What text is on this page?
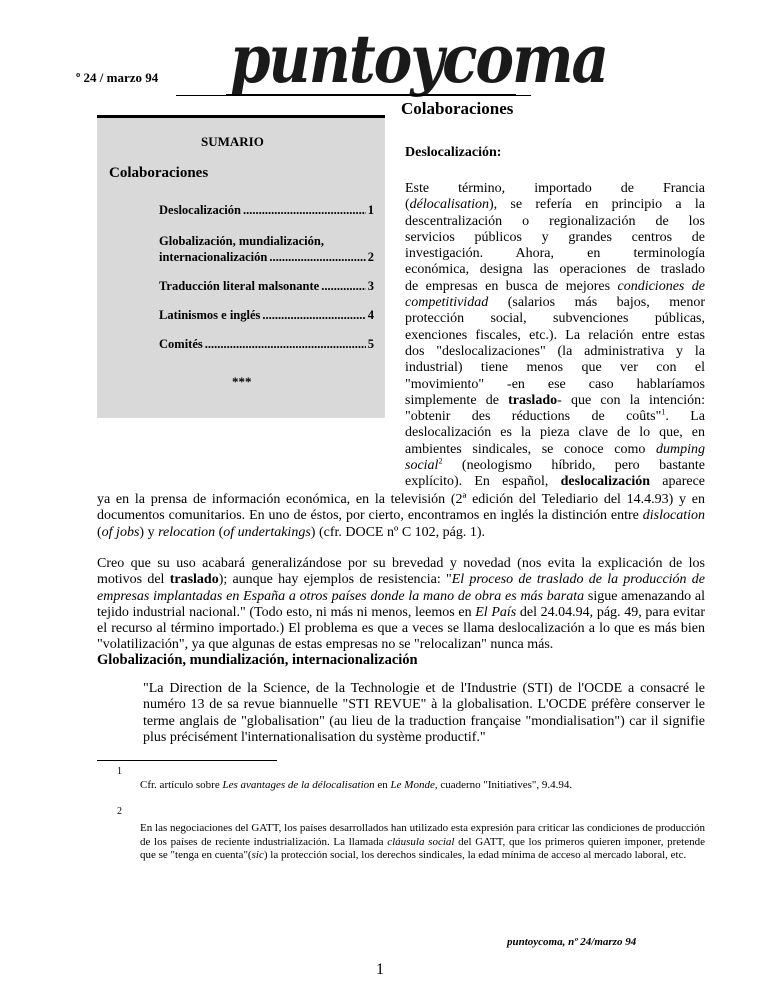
º 24 / marzo 94 puntoycoma
Colaboraciones
SUMARIO
Colaboraciones
Deslocalización .....	1
Globalización, mundialización,
internacionalización .....	2
Traducción literal malsonante .....	3
Latinismos e inglés .....	4
Comités .....	5
***
Deslocalización:
Este término, importado de Francia
(délocalisation), se refería en principio a la
descentralización o regionalización de los
servicios públicos y grandes centros de
investigación. Ahora, en terminología
económica, designa las operaciones de traslado
de empresas en busca de mejores condiciones de
competitividad (salarios más bajos, menor
protección social, subvenciones públicas,
exenciones fiscales, etc.). La relación entre estas
dos "deslocalizaciones" (la administrativa y la
industrial) tiene menos que ver con el
"movimiento" -en ese caso hablaríamos
simplemente de traslado- que con la intención:
"obtenir des réductions de coûts"$^1$. La
deslocalización es la pieza clave de lo que, en
ambientes sindicales, se conoce como dumping
social$^2$ (neologismo híbrido, pero bastante
explícito). En español, deslocalización aparece

ya en la prensa de información económica, en la televisión (2ª edición del Telediario del 14.4.93) y en documentos comunitarios. En uno de éstos, por cierto, encontramos en inglés la distinción entre dislocation (of jobs) y relocation (of undertakings) (cfr. DOCE nº C 102, pág. 1).

Creo que su uso acabará generalizándose por su brevedad y novedad (nos evita la explicación de los motivos del traslado); aunque hay ejemplos de resistencia: "El proceso de traslado de la producción de empresas implantadas en España a otros países donde la mano de obra es más barata sigue amenazando al tejido industrial nacional." (Todo esto, ni más ni menos, leemos en El País del 24.04.94, pág. 49, para evitar el recurso al término importado.) El problema es que a veces se llama deslocalización a lo que es más bien "volatilización", ya que algunas de estas empresas no se "relocalizan" nunca más.

Globalización, mundialización, internacionalización
"La Direction de la Science, de la Technologie et de l'Industrie (STI) de l'OCDE a consacré le numéro 13 de sa revue biannuelle "STI REVUE" à la globalisation. L'OCDE préfère conserver le terme anglais de "globalisation" (au lieu de la traduction française "mondialisation") car il signifie plus précisément l'internationalisation du système productif."
1

Cfr. artículo sobre Les avantages de la délocalisation en Le Monde, cuaderno "Initiatives", 9.4.94.

2

En las negociaciones del GATT, los países desarrollados han utilizado esta expresión para criticar las condiciones de producción de los países de reciente industrialización. La llamada cláusula social del GATT, que los primeros quieren imponer, pretende que se "tenga en cuenta"(sic) la protección social, los derechos sindicales, la edad mínima de acceso al mercado laboral, etc.

puntoycoma, nº 24/marzo 94
1
